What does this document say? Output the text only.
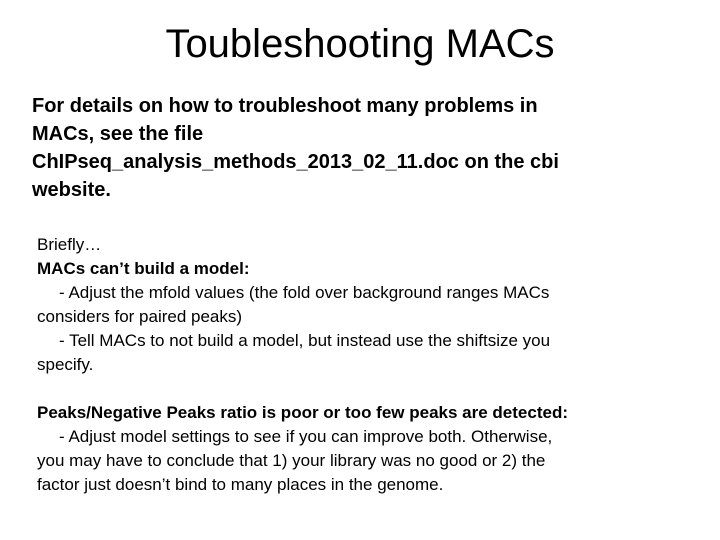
Toubleshooting MACs

For details on how to troubleshoot many problems in
MACs, see the file
ChIPseq_analysis_methods_2013_02_11.doc on the cbi
website.

Briefly…
MACs can’t build a model:
- Adjust the mfold values (the fold over background ranges MACs
considers for paired peaks)
- Tell MACs to not build a model, but instead use the shiftsize you
specify.
Peaks/Negative Peaks ratio is poor or too few peaks are detected:
- Adjust model settings to see if you can improve both. Otherwise,
you may have to conclude that 1) your library was no good or 2) the
factor just doesn’t bind to many places in the genome.
